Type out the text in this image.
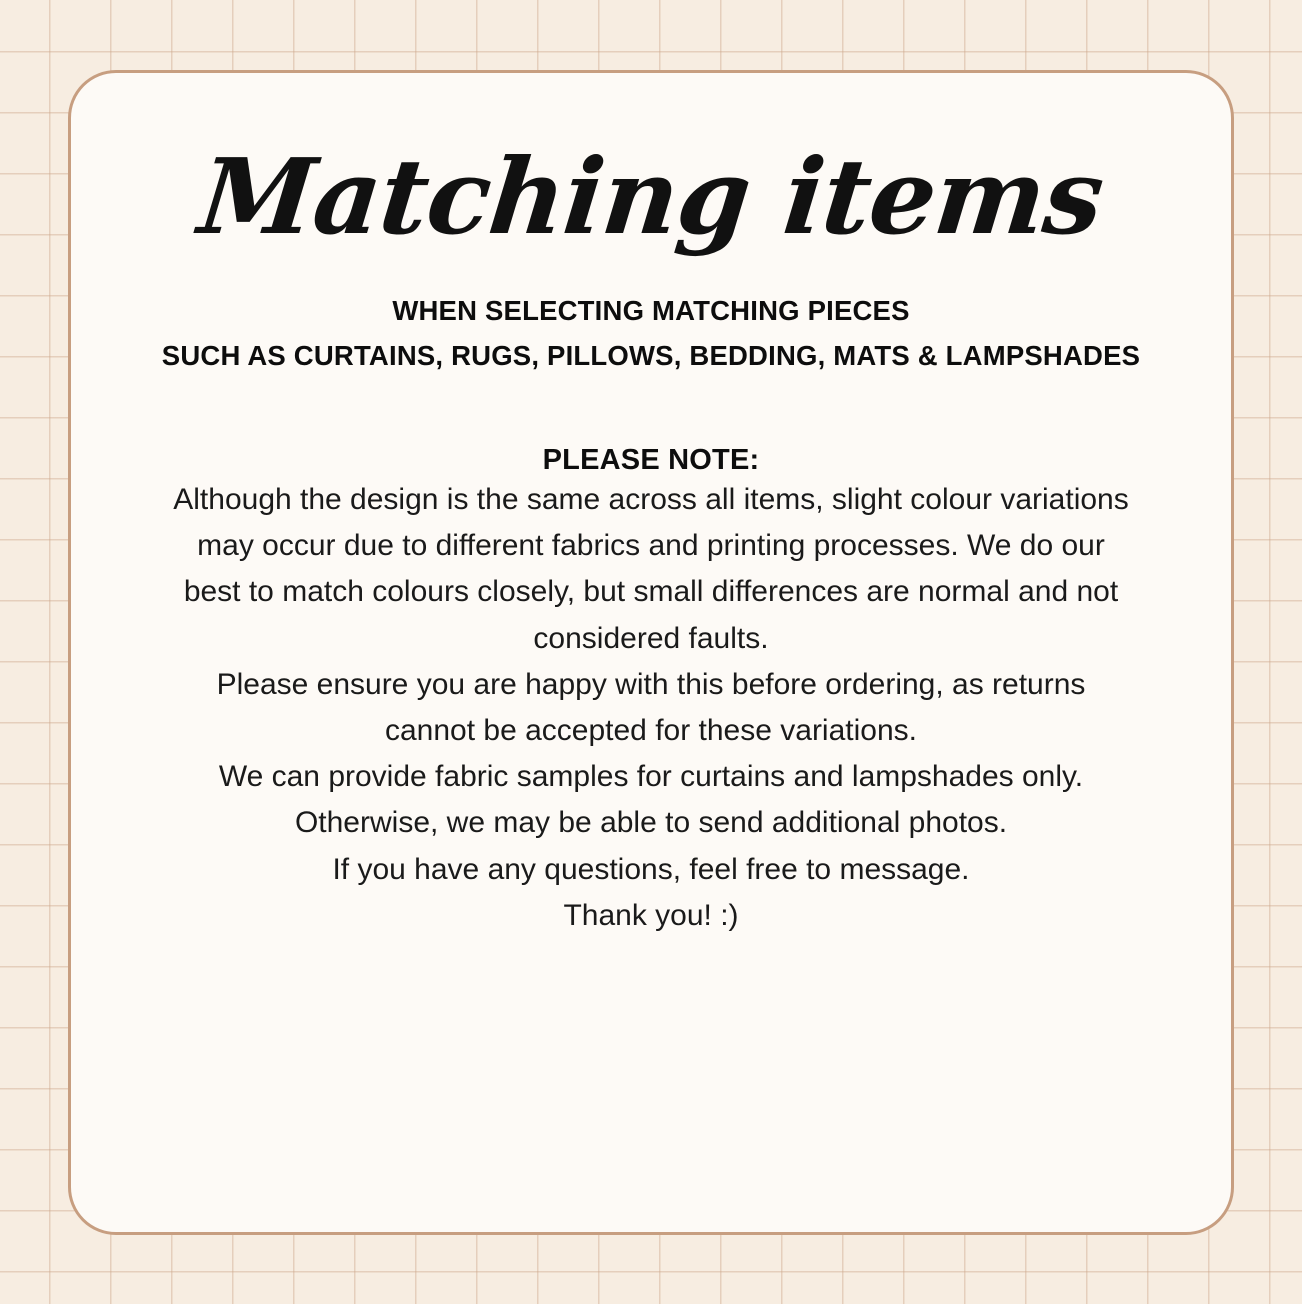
Matching items

WHEN SELECTING MATCHING PIECES

SUCH AS CURTAINS, RUGS, PILLOWS, BEDDING, MATS & LAMPSHADES

PLEASE NOTE:

Although the design is the same across all items, slight colour variations may occur due to different fabrics and printing processes. We do our best to match colours closely, but small differences are normal and not considered faults.

Please ensure you are happy with this before ordering, as returns cannot be accepted for these variations.

We can provide fabric samples for curtains and lampshades only. Otherwise, we may be able to send additional photos.

If you have any questions, feel free to message.

Thank you! :)
